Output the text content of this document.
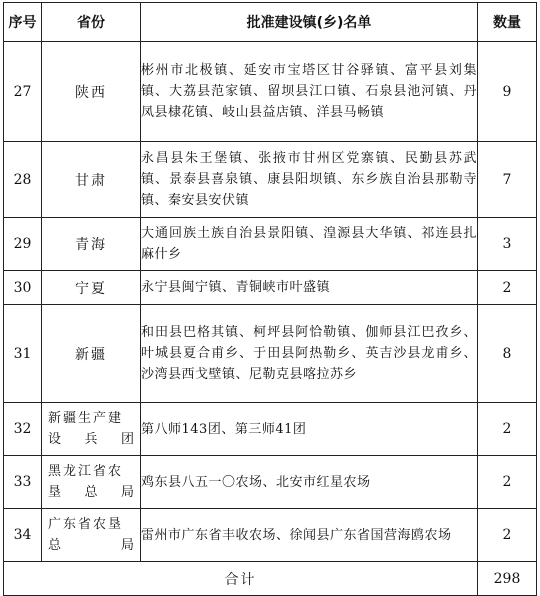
序号	省份	批准建设镇(乡)名单	数量
27	陕西	彬州市北极镇、延安市宝塔区甘谷驿镇、富平县刘集镇、大荔县范家镇、留坝县江口镇、石泉县池河镇、丹凤县棣花镇、岐山县益店镇、洋县马畅镇	9
28	甘肃	永昌县朱王堡镇、张掖市甘州区党寨镇、民勤县苏武镇、景泰县喜泉镇、康县阳坝镇、东乡族自治县那勒寺镇、秦安县安伏镇	7
29	青海	大通回族土族自治县景阳镇、湟源县大华镇、祁连县扎麻什乡	3
30	宁夏	永宁县闽宁镇、青铜峡市叶盛镇	2
31	新疆	和田县巴格其镇、柯坪县阿恰勒镇、伽师县江巴孜乡、叶城县夏合甫乡、于田县阿热勒乡、英吉沙县龙甫乡、沙湾县西戈壁镇、尼勒克县喀拉苏乡	8
32	新疆生产建设兵团	第八师143团、第三师41团	2
33	黑龙江省农垦总局	鸡东县八五一〇农场、北安市红星农场	2
34	广东省农垦总局	雷州市广东省丰收农场、徐闻县广东省国营海鸥农场	2
合计			298
